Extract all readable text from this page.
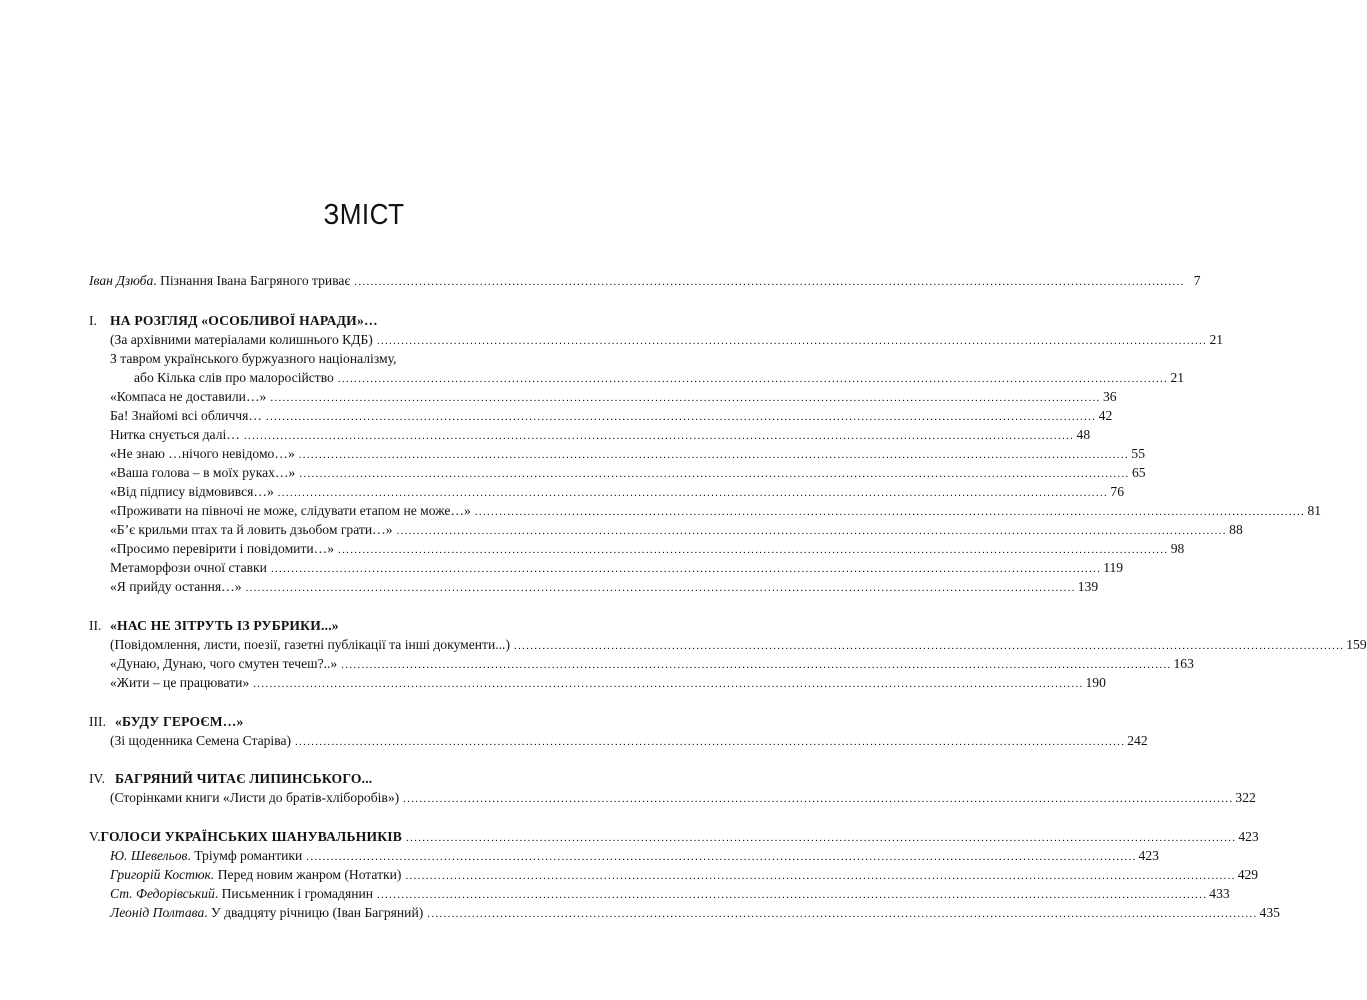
ЗМІСТ
Іван Дзюба. Пізнання Івана Багряного триває ............................................................................................................................................................................................................. 7
I. НА РОЗГЛЯД «ОСОБЛИВОЇ НАРАДИ»…
(За архівними матеріалами колишнього КДБ) ............................................................................................................................................................................................................. 21
З тавром українського буржуазного націоналізму,
або Кілька слів про малоросійство ............................................................................................................................................................................................................. 21
«Компаса не доставили…» ............................................................................................................................................................................................................. 36
Ба! Знайомі всі обличчя… ............................................................................................................................................................................................................. 42
Нитка снується далі… ............................................................................................................................................................................................................. 48
«Не знаю …нічого невідомо…» ............................................................................................................................................................................................................. 55
«Ваша голова – в моїх руках…» ............................................................................................................................................................................................................. 65
«Від підпису відмовився…» ............................................................................................................................................................................................................. 76
«Проживати на півночі не може, слідувати етапом не може…» ............................................................................................................................................................................................................. 81
«Б’є крильми птах та й ловить дзьобом грати…» ............................................................................................................................................................................................................. 88
«Просимо перевірити і повідомити…» ............................................................................................................................................................................................................. 98
Метаморфози очної ставки ............................................................................................................................................................................................................. 119
«Я прийду остання…» ............................................................................................................................................................................................................. 139
II. «НАС НЕ ЗІТРУТЬ ІЗ РУБРИКИ...»
(Повідомлення, листи, поезії, газетні публікації та інші документи...) ............................................................................................................................................................................................................. 159
«Дунаю, Дунаю, чого смутен течеш?..» ............................................................................................................................................................................................................. 163
«Жити – це працювати» ............................................................................................................................................................................................................. 190
III. «БУДУ ГЕРОЄМ…»
(Зі щоденника Семена Старіва) ............................................................................................................................................................................................................. 242
IV. БАГРЯНИЙ ЧИТАЄ ЛИПИНСЬКОГО...
(Сторінками книги «Листи до братів-хліборобів») ............................................................................................................................................................................................................. 322
V. ГОЛОСИ УКРАЇНСЬКИХ ШАНУВАЛЬНИКІВ ............................................................................................................................................................................................................. 423
Ю. Шевельов. Тріумф романтики ............................................................................................................................................................................................................. 423
Григорій Костюк. Перед новим жанром (Нотатки) ............................................................................................................................................................................................................. 429
Ст. Федорівський. Письменник і громадянин ............................................................................................................................................................................................................. 433
Леонід Полтава. У двадцяту річницю (Іван Багряний) ............................................................................................................................................................................................................. 435
